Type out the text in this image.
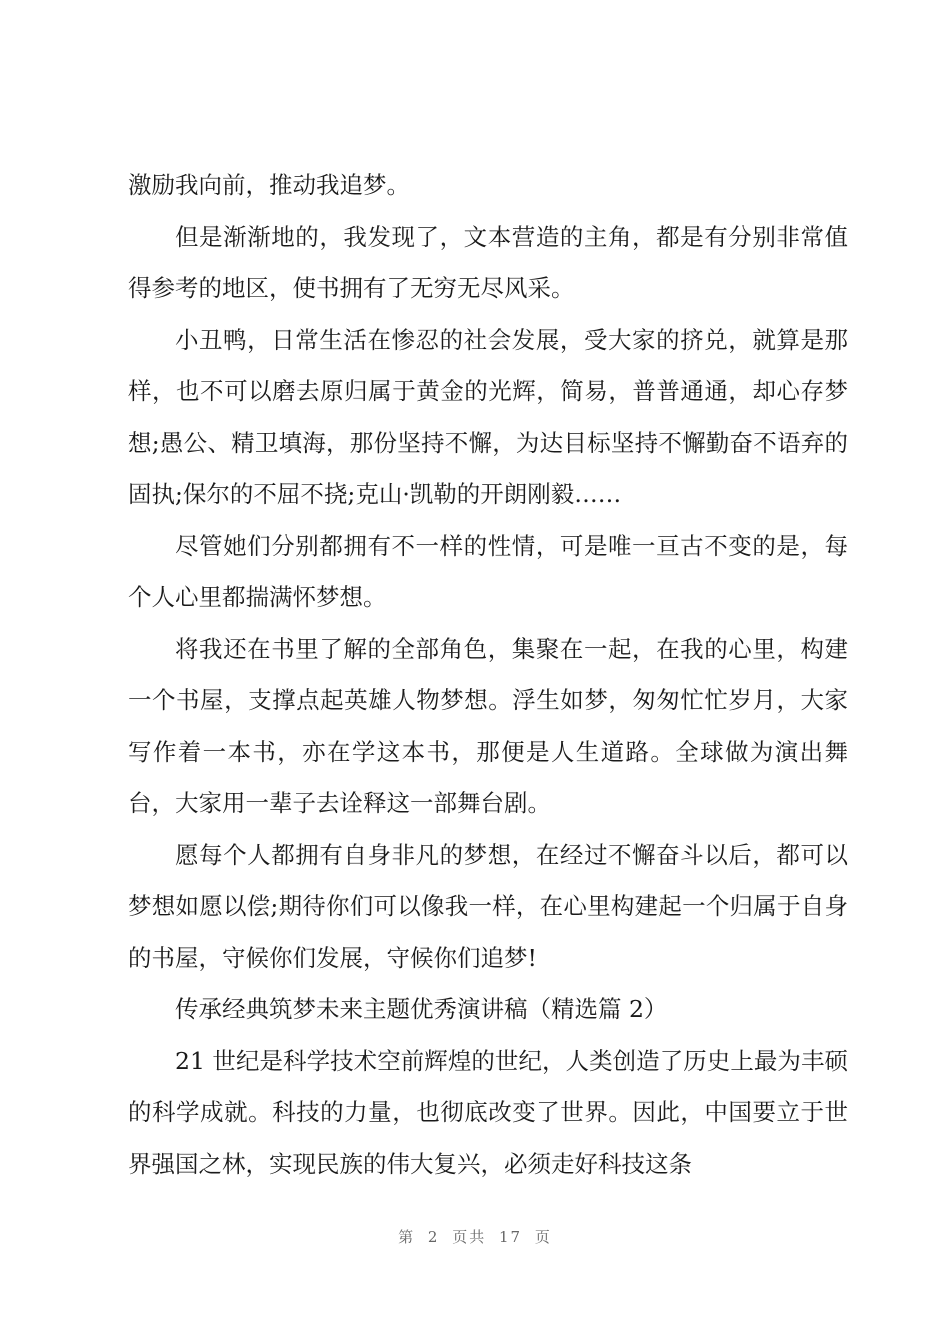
激励我向前，推动我追梦。

但是渐渐地的，我发现了，文本营造的主角，都是有分别非常值得参考的地区，使书拥有了无穷无尽风采。

小丑鸭，日常生活在惨忍的社会发展，受大家的挤兑，就算是那样，也不可以磨去原归属于黄金的光辉，简易，普普通通，却心存梦想;愚公、精卫填海，那份坚持不懈，为达目标坚持不懈勤奋不语弃的固执;保尔的不屈不挠;克山·凯勒的开朗刚毅……

尽管她们分别都拥有不一样的性情，可是唯一亘古不变的是，每个人心里都揣满怀梦想。

将我还在书里了解的全部角色，集聚在一起，在我的心里，构建一个书屋，支撑点起英雄人物梦想。浮生如梦，匆匆忙忙岁月，大家写作着一本书，亦在学这本书，那便是人生道路。全球做为演出舞台，大家用一辈子去诠释这一部舞台剧。

愿每个人都拥有自身非凡的梦想，在经过不懈奋斗以后，都可以梦想如愿以偿;期待你们可以像我一样，在心里构建起一个归属于自身的书屋，守候你们发展，守候你们追梦!

传承经典筑梦未来主题优秀演讲稿（精选篇 2）

21 世纪是科学技术空前辉煌的世纪，人类创造了历史上最为丰硕的科学成就。科技的力量，也彻底改变了世界。因此，中国要立于世界强国之林，实现民族的伟大复兴，必须走好科技这条

第 2 页共 17 页
